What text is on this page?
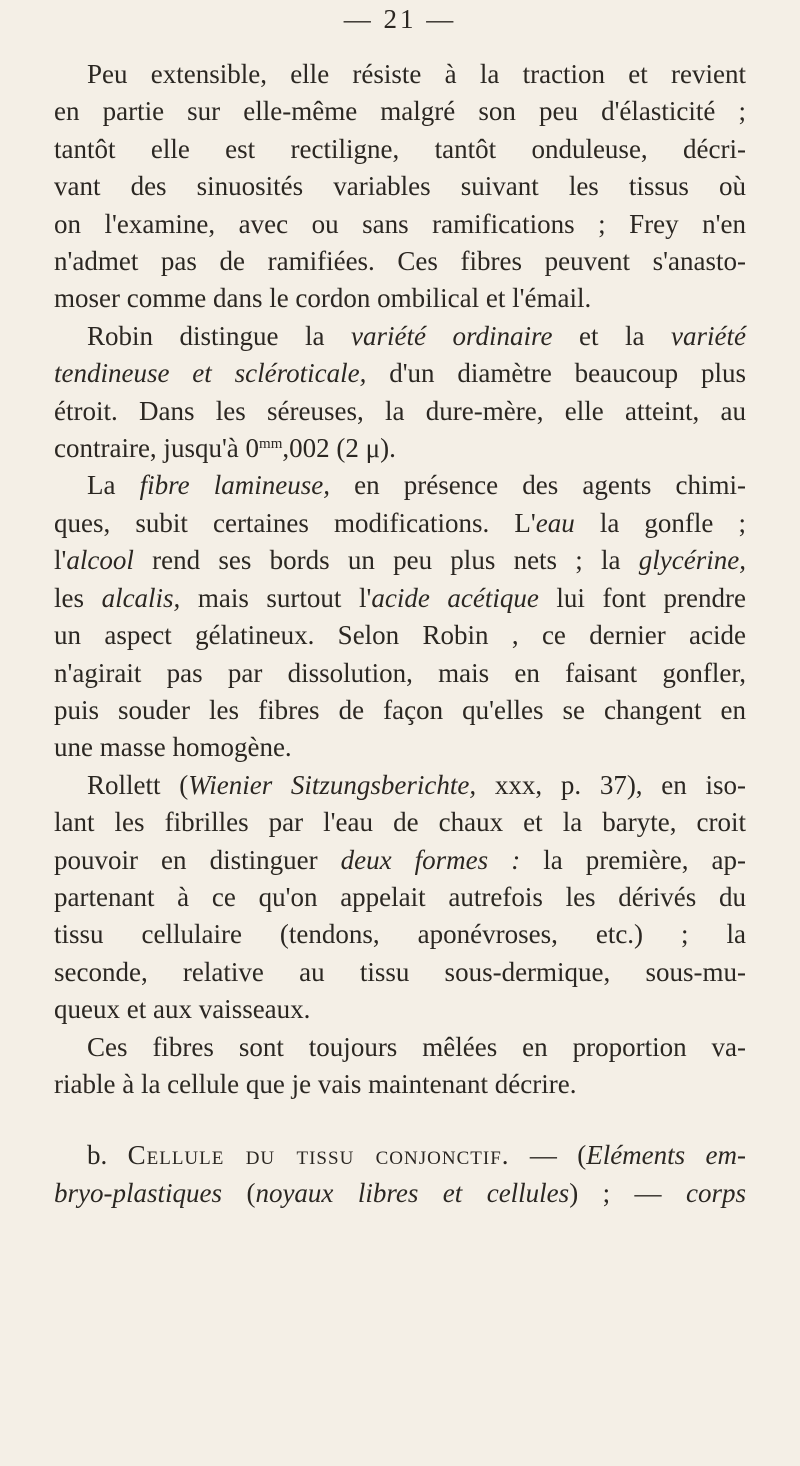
— 21 —

Peu extensible, elle résiste à la traction et revient
en partie sur elle-même malgré son peu d'élasticité ;
tantôt elle est rectiligne, tantôt onduleuse, décri-
vant des sinuosités variables suivant les tissus où
on l'examine, avec ou sans ramifications ; Frey n'en
n'admet pas de ramifiées. Ces fibres peuvent s'anasto-
moser comme dans le cordon ombilical et l'émail.

Robin distingue la variété ordinaire et la variété
tendineuse et scléroticale, d'un diamètre beaucoup plus
étroit. Dans les séreuses, la dure-mère, elle atteint, au
contraire, jusqu'à $0^{mm},002$ (2 μ).

La fibre lamineuse, en présence des agents chimi-
ques, subit certaines modifications. L'eau la gonfle ;
l'alcool rend ses bords un peu plus nets ; la glycérine,
les alcalis, mais surtout l'acide acétique lui font prendre
un aspect gélatineux. Selon Robin , ce dernier acide
n'agirait pas par dissolution, mais en faisant gonfler,
puis souder les fibres de façon qu'elles se changent en
une masse homogène.

Rollett (Wienier Sitzungsberichte, xxx, p. 37), en iso-
lant les fibrilles par l'eau de chaux et la baryte, croit
pouvoir en distinguer deux formes : la première, ap-
partenant à ce qu'on appelait autrefois les dérivés du
tissu cellulaire (tendons, aponévroses, etc.) ; la
seconde, relative au tissu sous-dermique, sous-mu-
queux et aux vaisseaux.

Ces fibres sont toujours mêlées en proportion va-
riable à la cellule que je vais maintenant décrire.

b. Cellule du tissu conjonctif. — (Eléments em-
bryo-plastiques (noyaux libres et cellules) ; — corps
